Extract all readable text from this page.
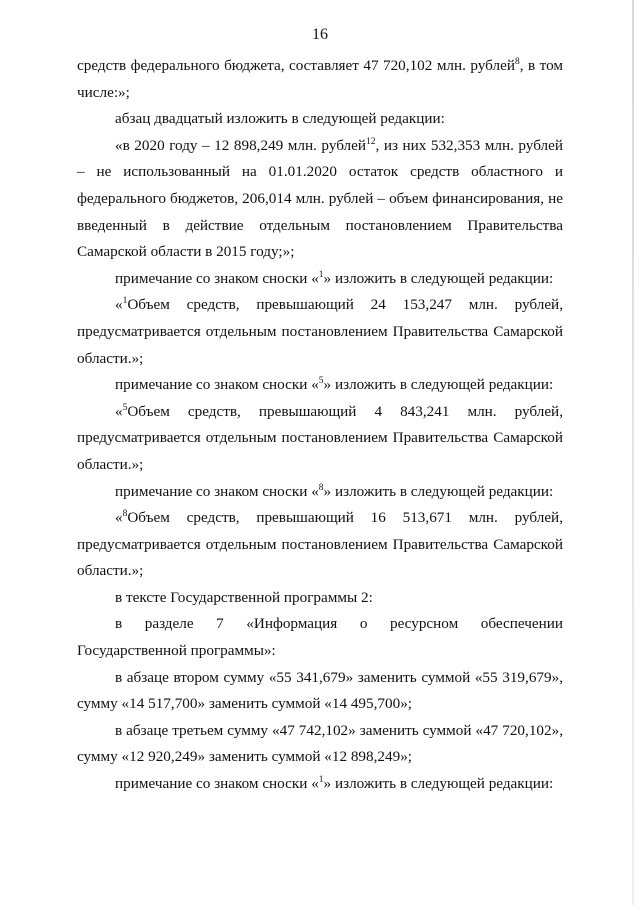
16

средств федерального бюджета, составляет 47 720,102 млн. рублей$^8$, в том числе:»;

абзац двадцатый изложить в следующей редакции:

«в 2020 году – 12 898,249 млн. рублей$^{12}$, из них 532,353 млн. рублей – не использованный на 01.01.2020 остаток средств областного и федерального бюджетов, 206,014 млн. рублей – объем финансирования, не введенный в действие отдельным постановлением Правительства Самарской области в 2015 году;»;

примечание со знаком сноски «$^1$» изложить в следующей редакции:

«$^1$Объем средств, превышающий 24 153,247 млн. рублей, предусматривается отдельным постановлением Правительства Самарской области.»;

примечание со знаком сноски «$^5$» изложить в следующей редакции:

«$^5$Объем средств, превышающий 4 843,241 млн. рублей, предусматривается отдельным постановлением Правительства Самарской области.»;

примечание со знаком сноски «$^8$» изложить в следующей редакции:

«$^8$Объем средств, превышающий 16 513,671 млн. рублей, предусматривается отдельным постановлением Правительства Самарской области.»;

в тексте Государственной программы 2:

в разделе 7 «Информация о ресурсном обеспечении Государственной программы»:

в абзаце втором сумму «55 341,679» заменить суммой «55 319,679», сумму «14 517,700» заменить суммой «14 495,700»;

в абзаце третьем сумму «47 742,102» заменить суммой «47 720,102», сумму «12 920,249» заменить суммой «12 898,249»;

примечание со знаком сноски «$^1$» изложить в следующей редакции:
